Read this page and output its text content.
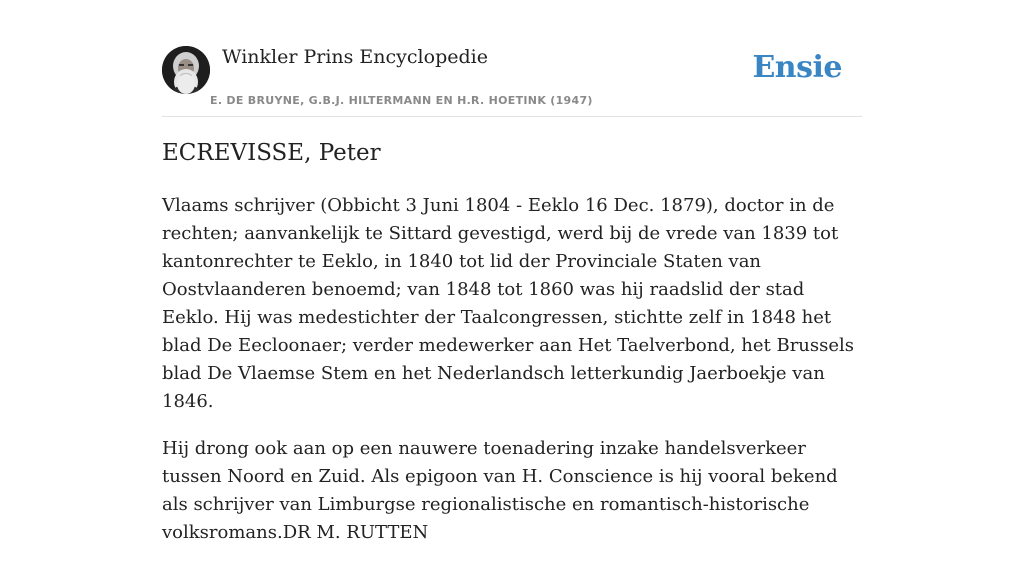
Winkler Prins Encyclopedie
E. DE BRUYNE, G.B.J. HILTERMANN EN H.R. HOETINK (1947)
Ensie
ECREVISSE, Peter

Vlaams schrijver (Obbicht 3 Juni 1804 - Eeklo 16 Dec. 1879), doctor in de rechten; aanvankelijk te Sittard gevestigd, werd bij de vrede van 1839 tot kantonrechter te Eeklo, in 1840 tot lid der Provinciale Staten van Oostvlaanderen benoemd; van 1848 tot 1860 was hij raadslid der stad Eeklo. Hij was medestichter der Taalcongressen, stichtte zelf in 1848 het blad De Eecloonaer; verder medewerker aan Het Taelverbond, het Brussels blad De Vlaemse Stem en het Nederlandsch letterkundig Jaerboekje van 1846.

Hij drong ook aan op een nauwere toenadering inzake handelsverkeer tussen Noord en Zuid. Als epigoon van H. Conscience is hij vooral bekend als schrijver van Limburgse regionalistische en romantisch-historische volksromans.DR M. RUTTEN
